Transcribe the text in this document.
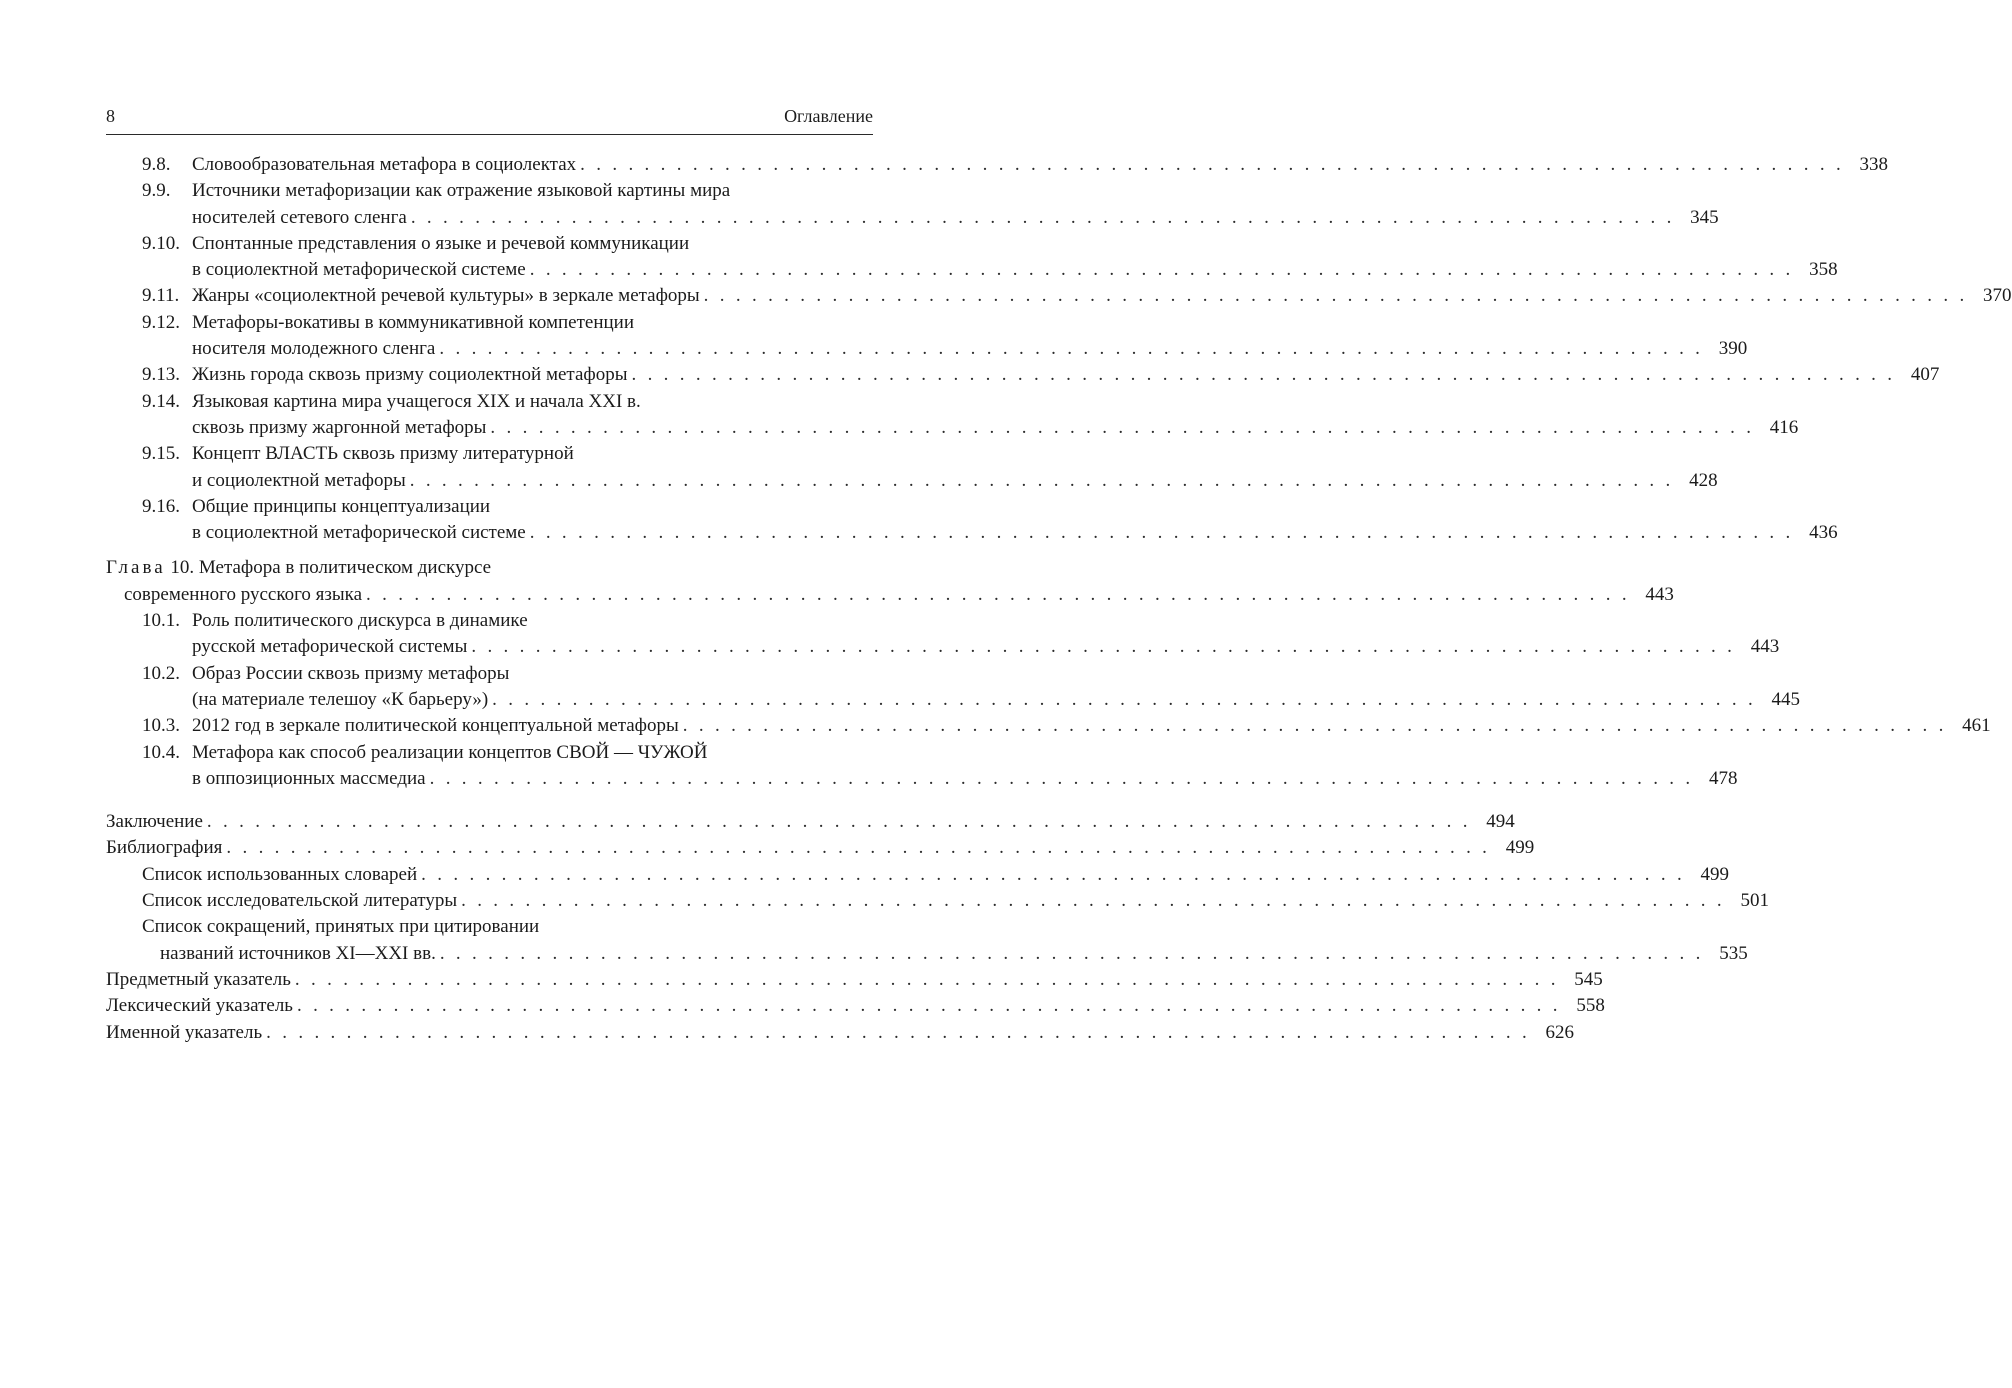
8	Оглавление
9.8. Словообразовательная метафора в социолектах . . . . . . . . . . . . . . . . . . . . . . . . . . . . . . . . . . . . . . . . . . . . . . . . . . . . . . . . . . . . . . . . . . . . . . . . . . . . . . . 338
9.9. Источники метафоризации как отражение языковой картины мира
носителей сетевого сленга . . . . . . . . . . . . . . . . . . . . . . . . . . . . . . . . . . . . . . . . . . . . . . . . . . . . . . . . . . . . . . . . . . . . . . . . . . . . . . . 345
9.10. Спонтанные представления о языке и речевой коммуникации
в социолектной метафорической системе . . . . . . . . . . . . . . . . . . . . . . . . . . . . . . . . . . . . . . . . . . . . . . . . . . . . . . . . . . . . . . . . . . . . . . . . . . . . . . . 358
9.11. Жанры «социолектной речевой культуры» в зеркале метафоры . . . . . . . . . . . . . . . . . . . . . . . . . . . . . . . . . . . . . . . . . . . . . . . . . . . . . . . . . . . . . . . . . . . . . . . . . . . . . . . 370
9.12. Метафоры-вокативы в коммуникативной компетенции
носителя молодежного сленга . . . . . . . . . . . . . . . . . . . . . . . . . . . . . . . . . . . . . . . . . . . . . . . . . . . . . . . . . . . . . . . . . . . . . . . . . . . . . . . 390
9.13. Жизнь города сквозь призму социолектной метафоры . . . . . . . . . . . . . . . . . . . . . . . . . . . . . . . . . . . . . . . . . . . . . . . . . . . . . . . . . . . . . . . . . . . . . . . . . . . . . . . 407
9.14. Языковая картина мира учащегося XIX и начала XXI в.
сквозь призму жаргонной метафоры . . . . . . . . . . . . . . . . . . . . . . . . . . . . . . . . . . . . . . . . . . . . . . . . . . . . . . . . . . . . . . . . . . . . . . . . . . . . . . . 416
9.15. Концепт ВЛАСТЬ сквозь призму литературной
и социолектной метафоры . . . . . . . . . . . . . . . . . . . . . . . . . . . . . . . . . . . . . . . . . . . . . . . . . . . . . . . . . . . . . . . . . . . . . . . . . . . . . . . 428
9.16. Общие принципы концептуализации
в социолектной метафорической системе . . . . . . . . . . . . . . . . . . . . . . . . . . . . . . . . . . . . . . . . . . . . . . . . . . . . . . . . . . . . . . . . . . . . . . . . . . . . . . . 436
Глава 10. Метафора в политическом дискурсе
современного русского языка . . . . . . . . . . . . . . . . . . . . . . . . . . . . . . . . . . . . . . . . . . . . . . . . . . . . . . . . . . . . . . . . . . . . . . . . . . . . . . . 443
10.1. Роль политического дискурса в динамике
русской метафорической системы . . . . . . . . . . . . . . . . . . . . . . . . . . . . . . . . . . . . . . . . . . . . . . . . . . . . . . . . . . . . . . . . . . . . . . . . . . . . . . . 443
10.2. Образ России сквозь призму метафоры
(на материале телешоу «К барьеру») . . . . . . . . . . . . . . . . . . . . . . . . . . . . . . . . . . . . . . . . . . . . . . . . . . . . . . . . . . . . . . . . . . . . . . . . . . . . . . . 445
10.3. 2012 год в зеркале политической концептуальной метафоры . . . . . . . . . . . . . . . . . . . . . . . . . . . . . . . . . . . . . . . . . . . . . . . . . . . . . . . . . . . . . . . . . . . . . . . . . . . . . . . 461
10.4. Метафора как способ реализации концептов СВОЙ — ЧУЖОЙ
в оппозиционных массмедиа . . . . . . . . . . . . . . . . . . . . . . . . . . . . . . . . . . . . . . . . . . . . . . . . . . . . . . . . . . . . . . . . . . . . . . . . . . . . . . . 478
Заключение . . . . . . . . . . . . . . . . . . . . . . . . . . . . . . . . . . . . . . . . . . . . . . . . . . . . . . . . . . . . . . . . . . . . . . . . . . . . . . . 494
Библиография . . . . . . . . . . . . . . . . . . . . . . . . . . . . . . . . . . . . . . . . . . . . . . . . . . . . . . . . . . . . . . . . . . . . . . . . . . . . . . . 499
Список использованных словарей . . . . . . . . . . . . . . . . . . . . . . . . . . . . . . . . . . . . . . . . . . . . . . . . . . . . . . . . . . . . . . . . . . . . . . . . . . . . . . . 499
Список исследовательской литературы . . . . . . . . . . . . . . . . . . . . . . . . . . . . . . . . . . . . . . . . . . . . . . . . . . . . . . . . . . . . . . . . . . . . . . . . . . . . . . . 501
Список сокращений, принятых при цитировании
названий источников XI—XXI вв. . . . . . . . . . . . . . . . . . . . . . . . . . . . . . . . . . . . . . . . . . . . . . . . . . . . . . . . . . . . . . . . . . . . . . . . . . . . . . . . 535
Предметный указатель . . . . . . . . . . . . . . . . . . . . . . . . . . . . . . . . . . . . . . . . . . . . . . . . . . . . . . . . . . . . . . . . . . . . . . . . . . . . . . . 545
Лексический указатель . . . . . . . . . . . . . . . . . . . . . . . . . . . . . . . . . . . . . . . . . . . . . . . . . . . . . . . . . . . . . . . . . . . . . . . . . . . . . . . 558
Именной указатель . . . . . . . . . . . . . . . . . . . . . . . . . . . . . . . . . . . . . . . . . . . . . . . . . . . . . . . . . . . . . . . . . . . . . . . . . . . . . . . 626
